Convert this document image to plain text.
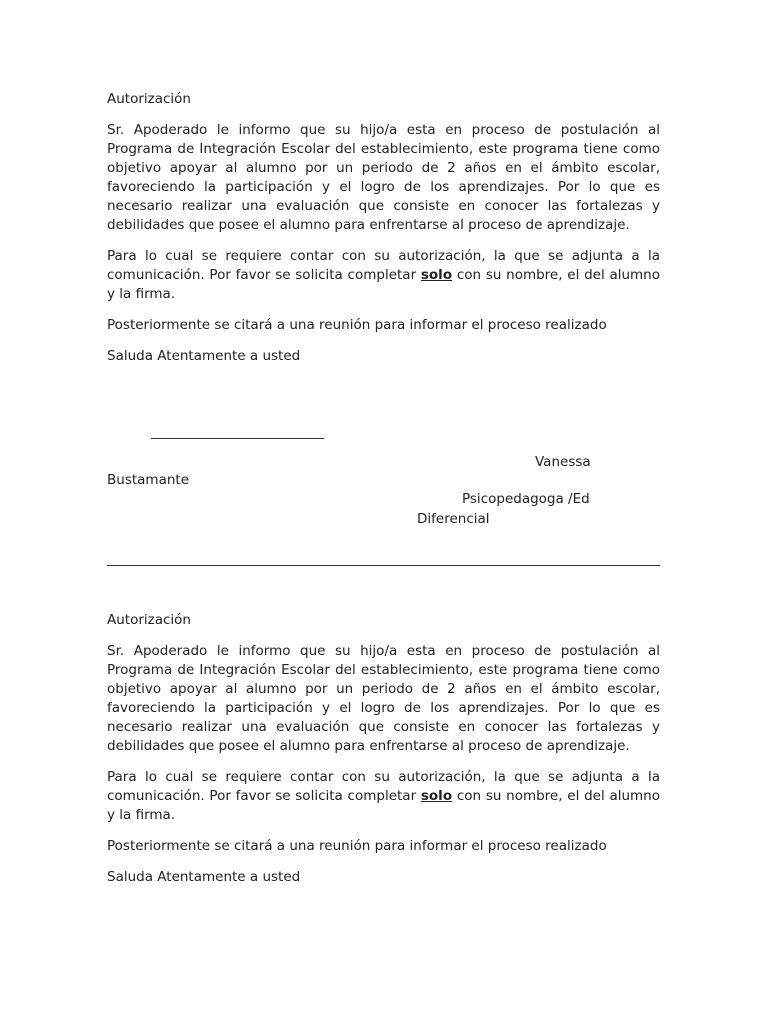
Autorización

Sr. Apoderado le informo que su hijo/a esta en proceso de postulación al Programa de Integración Escolar del establecimiento, este programa tiene como objetivo apoyar al alumno por un periodo de 2 años en el ámbito escolar, favoreciendo la participación y el logro de los aprendizajes. Por lo que es necesario realizar una evaluación que consiste en conocer las fortalezas y debilidades que posee el alumno para enfrentarse al proceso de aprendizaje.

Para lo cual se requiere contar con su autorización, la que se adjunta a la comunicación. Por favor se solicita completar solo con su nombre, el del alumno y la firma.

Posteriormente se citará a una reunión para informar el proceso realizado

Saluda Atentamente a usted

Vanessa
Bustamante
Psicopedagoga /Ed
Diferencial

Autorización

Sr. Apoderado le informo que su hijo/a esta en proceso de postulación al Programa de Integración Escolar del establecimiento, este programa tiene como objetivo apoyar al alumno por un periodo de 2 años en el ámbito escolar, favoreciendo la participación y el logro de los aprendizajes. Por lo que es necesario realizar una evaluación que consiste en conocer las fortalezas y debilidades que posee el alumno para enfrentarse al proceso de aprendizaje.

Para lo cual se requiere contar con su autorización, la que se adjunta a la comunicación. Por favor se solicita completar solo con su nombre, el del alumno y la firma.

Posteriormente se citará a una reunión para informar el proceso realizado

Saluda Atentamente a usted
